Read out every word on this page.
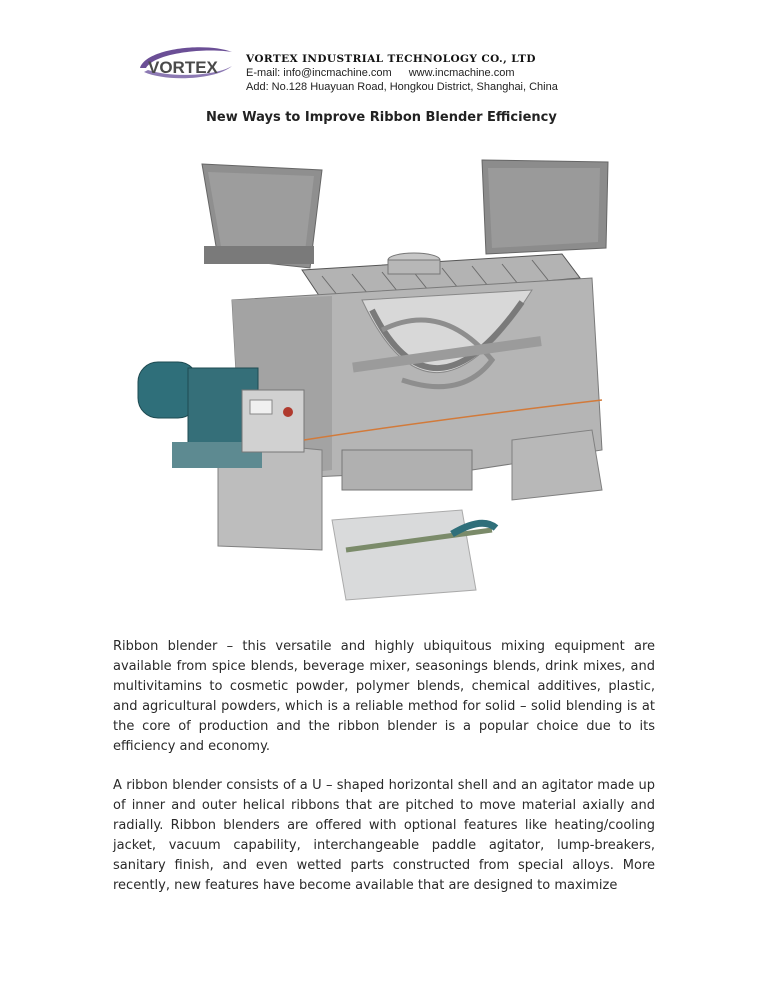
VORTEX	VORTEX INDUSTRIAL TECHNOLOGY CO., LTD
E-mail: info@incmachine.com www.incmachine.com
Add: No.128 Huayuan Road, Hongkou District, Shanghai, China
New Ways to Improve Ribbon Blender Efficiency

Ribbon blender – this versatile and highly ubiquitous mixing equipment are available from spice blends, beverage mixer, seasonings blends, drink mixes, and multivitamins to cosmetic powder, polymer blends, chemical additives, plastic, and agricultural powders, which is a reliable method for solid – solid blending is at the core of production and the ribbon blender is a popular choice due to its efficiency and economy.

A ribbon blender consists of a U – shaped horizontal shell and an agitator made up of inner and outer helical ribbons that are pitched to move material axially and radially. Ribbon blenders are offered with optional features like heating/cooling jacket, vacuum capability, interchangeable paddle agitator, lump-breakers, sanitary finish, and even wetted parts constructed from special alloys. More recently, new features have become available that are designed to maximize
